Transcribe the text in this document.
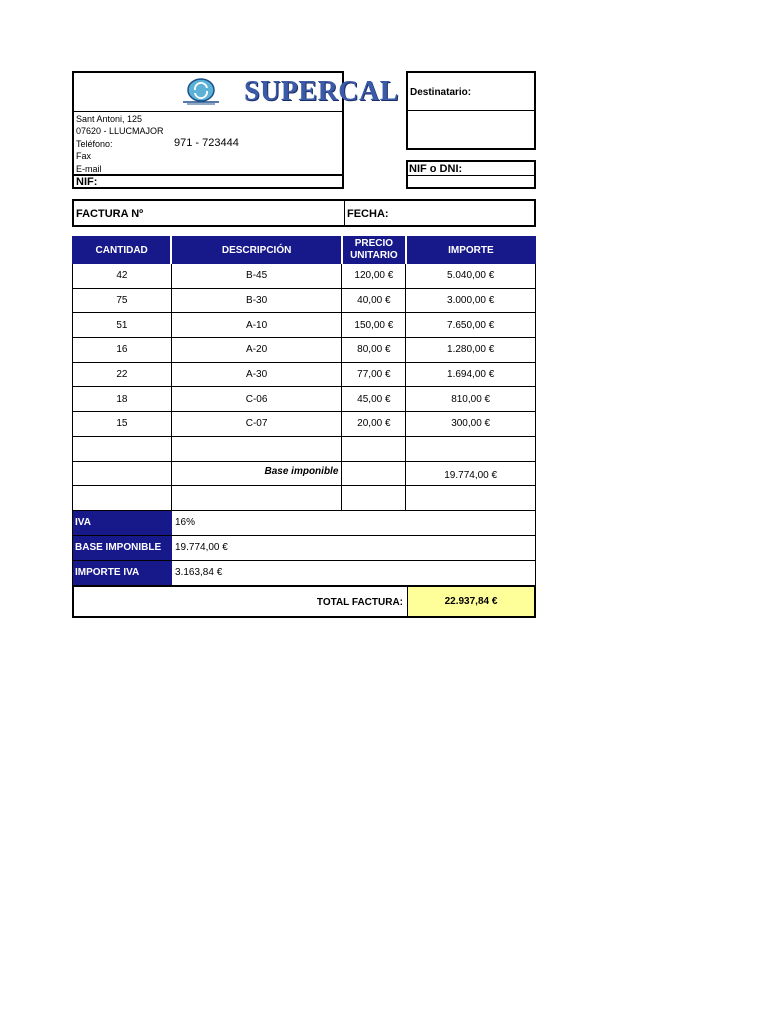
SUPERCAL
Sant Antoni, 125
07620 - LLUCMAJOR
Teléfono:	971 - 723444
Fax
E-mail
NIF:
Destinatario:
NIF o DNI:
FACTURA Nº	FECHA:
CANTIDAD	DESCRIPCIÓN	PRECIO UNITARIO	IMPORTE
42	B-45	120,00 €	5.040,00 €
75	B-30	40,00 €	3.000,00 €
51	A-10	150,00 €	7.650,00 €
16	A-20	80,00 €	1.280,00 €
22	A-30	77,00 €	1.694,00 €
18	C-06	45,00 €	810,00 €
15	C-07	20,00 €	300,00 €

	Base imponible		19.774,00 €

IVA	16%
BASE IMPONIBLE	19.774,00 €
IMPORTE IVA	3.163,84 €
TOTAL FACTURA:	22.937,84 €
